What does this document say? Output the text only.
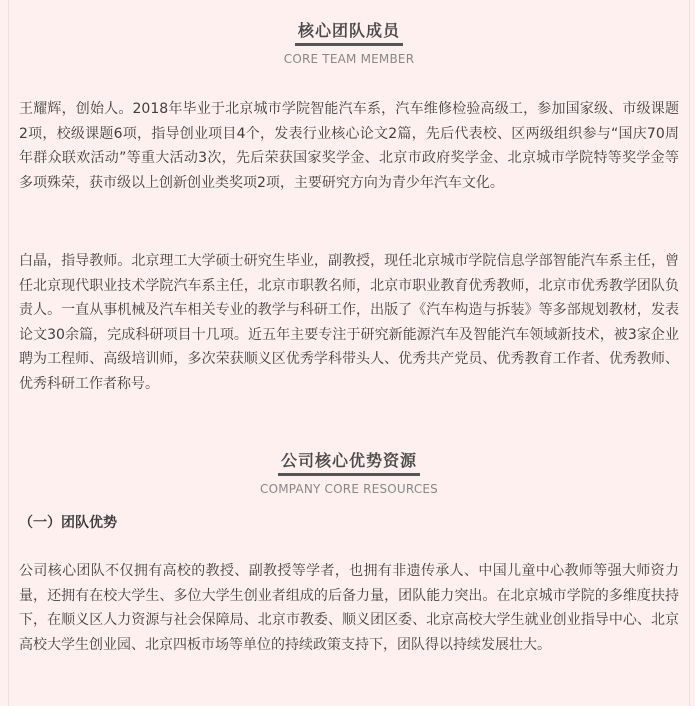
核心团队成员
CORE TEAM MEMBER

王耀辉，创始人。2018年毕业于北京城市学院智能汽车系，汽车维修检验高级工，参加国家级、市级课题2项，校级课题6项，指导创业项目4个，发表行业核心论文2篇，先后代表校、区两级组织参与“国庆70周年群众联欢活动”等重大活动3次，先后荣获国家奖学金、北京市政府奖学金、北京城市学院特等奖学金等多项殊荣，获市级以上创新创业类奖项2项，主要研究方向为青少年汽车文化。

白晶，指导教师。北京理工大学硕士研究生毕业，副教授，现任北京城市学院信息学部智能汽车系主任，曾任北京现代职业技术学院汽车系主任，北京市职教名师，北京市职业教育优秀教师，北京市优秀教学团队负责人。一直从事机械及汽车相关专业的教学与科研工作，出版了《汽车构造与拆装》等多部规划教材，发表论文30余篇，完成科研项目十几项。近五年主要专注于研究新能源汽车及智能汽车领域新技术，被3家企业聘为工程师、高级培训师，多次荣获顺义区优秀学科带头人、优秀共产党员、优秀教育工作者、优秀教师、优秀科研工作者称号。

公司核心优势资源
COMPANY CORE RESOURCES
（一）团队优势

公司核心团队不仅拥有高校的教授、副教授等学者，也拥有非遗传承人、中国儿童中心教师等强大师资力量，还拥有在校大学生、多位大学生创业者组成的后备力量，团队能力突出。在北京城市学院的多维度扶持下，在顺义区人力资源与社会保障局、北京市教委、顺义团区委、北京高校大学生就业创业指导中心、北京高校大学生创业园、北京四板市场等单位的持续政策支持下，团队得以持续发展壮大。
